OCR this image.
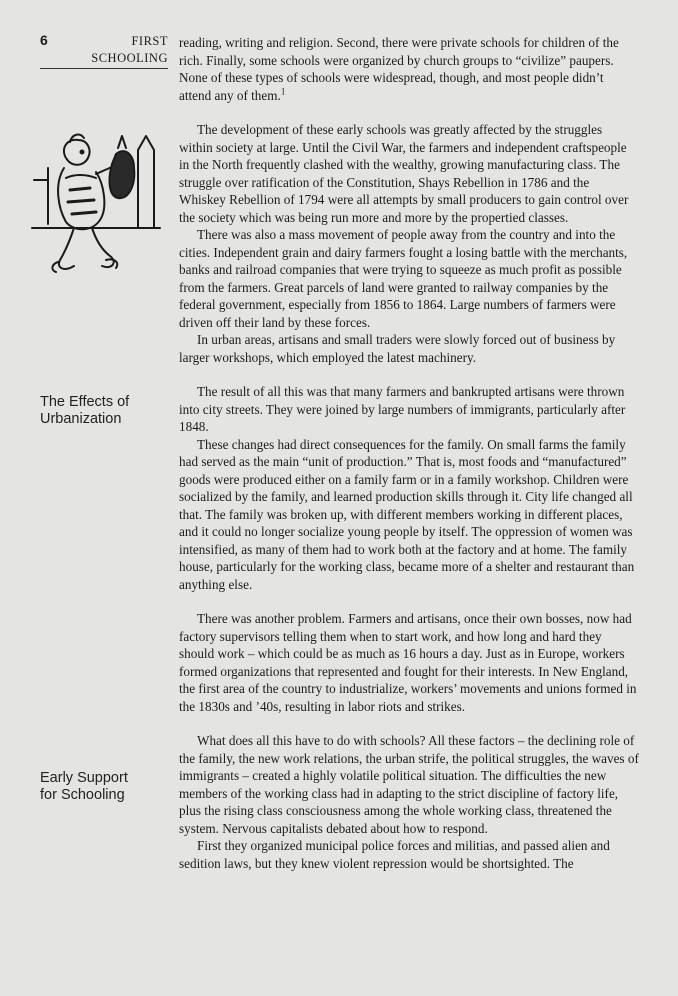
6	FIRST
SCHOOLING
The Effects of
Urbanization
Early Support
for Schooling

reading, writing and religion. Second, there were private schools for children of the rich. Finally, some schools were organized by church groups to “civilize” paupers. None of these types of schools were widespread, though, and most people didn’t attend any of them.$^1$

The development of these early schools was greatly affected by the struggles within society at large. Until the Civil War, the farmers and independent craftspeople in the North frequently clashed with the wealthy, growing manufacturing class. The struggle over ratification of the Constitution, Shays Rebellion in 1786 and the Whiskey Rebellion of 1794 were all attempts by small producers to gain control over the society which was being run more and more by the propertied classes.

There was also a mass movement of people away from the country and into the cities. Independent grain and dairy farmers fought a losing battle with the merchants, banks and railroad companies that were trying to squeeze as much profit as possible from the farmers. Great parcels of land were granted to railway companies by the federal government, especially from 1856 to 1864. Large numbers of farmers were driven off their land by these forces.

In urban areas, artisans and small traders were slowly forced out of business by larger workshops, which employed the latest machinery.

The result of all this was that many farmers and bankrupted artisans were thrown into city streets. They were joined by large numbers of immigrants, particularly after 1848.

These changes had direct consequences for the family. On small farms the family had served as the main “unit of production.” That is, most foods and “manufactured” goods were produced either on a family farm or in a family workshop. Children were socialized by the family, and learned production skills through it. City life changed all that. The family was broken up, with different members working in different places, and it could no longer socialize young people by itself. The oppression of women was intensified, as many of them had to work both at the factory and at home. The family house, particularly for the working class, became more of a shelter and restaurant than anything else.

There was another problem. Farmers and artisans, once their own bosses, now had factory supervisors telling them when to start work, and how long and hard they should work – which could be as much as 16 hours a day. Just as in Europe, workers formed organizations that represented and fought for their interests. In New England, the first area of the country to industrialize, workers’ movements and unions formed in the 1830s and ’40s, resulting in labor riots and strikes.

What does all this have to do with schools? All these factors – the declining role of the family, the new work relations, the urban strife, the political struggles, the waves of immigrants – created a highly volatile political situation. The difficulties the new members of the working class had in adapting to the strict discipline of factory life, plus the rising class consciousness among the whole working class, threatened the system. Nervous capitalists debated about how to respond.

First they organized municipal police forces and militias, and passed alien and sedition laws, but they knew violent repression would be shortsighted. The
